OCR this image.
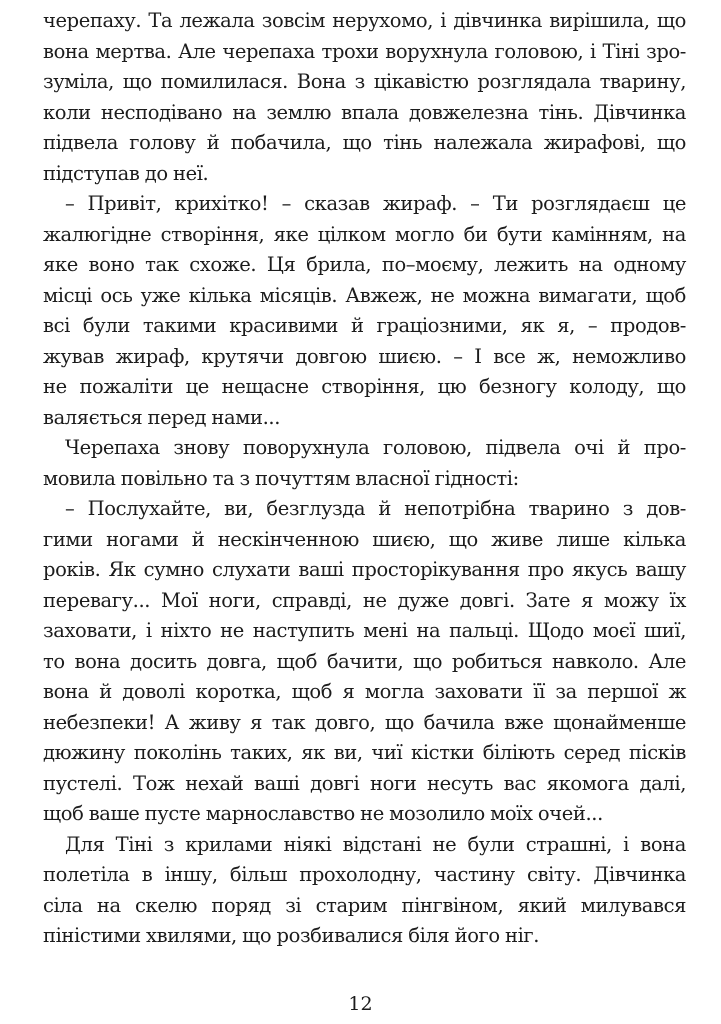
черепаху. Та лежала зовсім нерухомо, і дівчинка вирішила, що
вона мертва. Але черепаха трохи ворухнула головою, і Тіні зро-
зуміла, що помилилася. Вона з цікавістю розглядала тварину,
коли несподівано на землю впала довжелезна тінь. Дівчинка
підвела голову й побачила, що тінь належала жирафові, що
підступав до неї.
– Привіт, крихітко! – сказав жираф. – Ти розглядаєш це
жалюгідне створіння, яке цілком могло би бути камінням, на
яке воно так схоже. Ця брила, по–моєму, лежить на одному
місці ось уже кілька місяців. Авжеж, не можна вимагати, щоб
всі були такими красивими й граціозними, як я, – продов-
жував жираф, крутячи довгою шиєю. – І все ж, неможливо
не пожаліти це нещасне створіння, цю безногу колоду, що
валяється перед нами...
Черепаха знову поворухнула головою, підвела очі й про-
мовила повільно та з почуттям власної гідності:
– Послухайте, ви, безглузда й непотрібна тварино з дов-
гими ногами й нескінченною шиєю, що живе лише кілька
років. Як сумно слухати ваші просторікування про якусь вашу
перевагу... Мої ноги, справді, не дуже довгі. Зате я можу їх
заховати, і ніхто не наступить мені на пальці. Щодо моєї шиї,
то вона досить довга, щоб бачити, що робиться навколо. Але
вона й доволі коротка, щоб я могла заховати її за першої ж
небезпеки! А живу я так довго, що бачила вже щонайменше
дюжину поколінь таких, як ви, чиї кістки біліють серед пісків
пустелі. Тож нехай ваші довгі ноги несуть вас якомога далі,
щоб ваше пусте марнославство не мозолило моїх очей...
Для Тіні з крилами ніякі відстані не були страшні, і вона
полетіла в іншу, більш прохолодну, частину світу. Дівчинка
сіла на скелю поряд зі старим пінгвіном, який милувався
піністими хвилями, що розбивалися біля його ніг.
12
